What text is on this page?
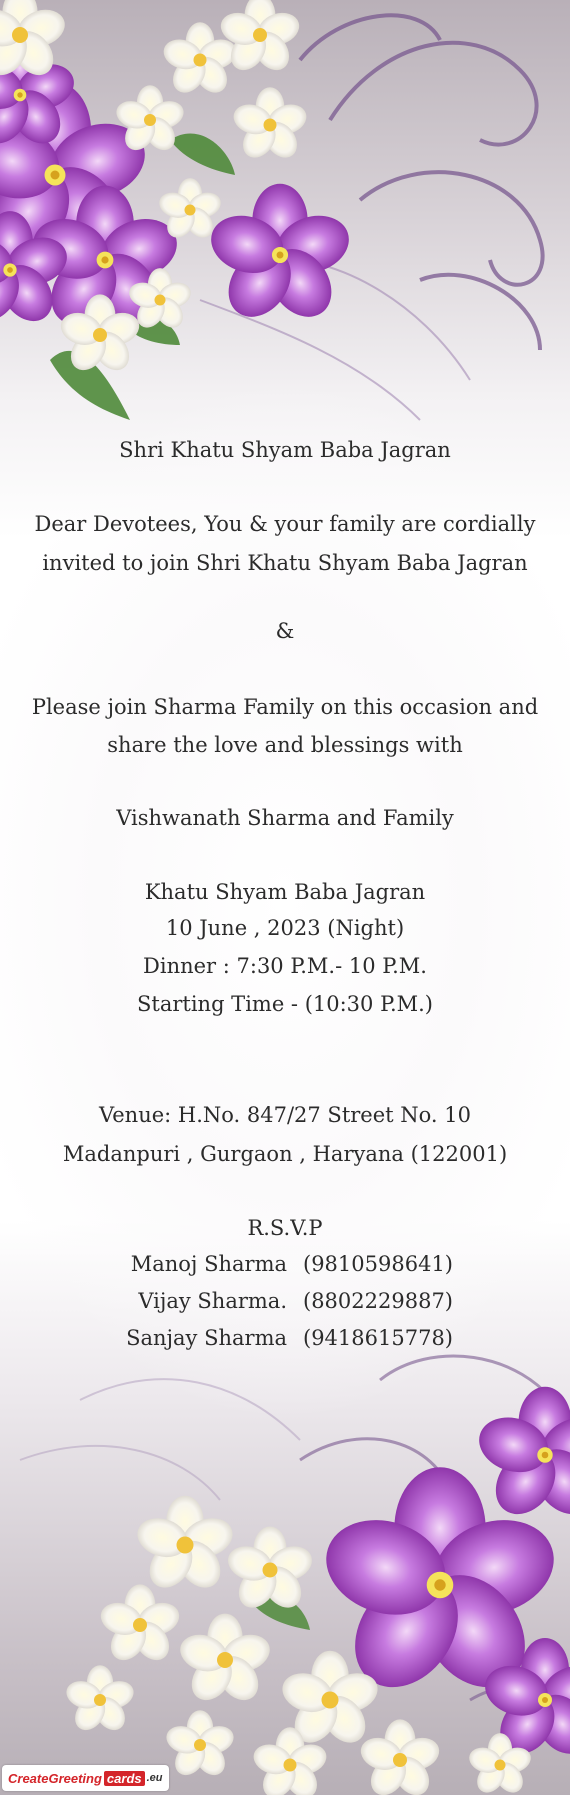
Shri Khatu Shyam Baba Jagran

Dear Devotees, You & your family are cordially

invited to join Shri Khatu Shyam Baba Jagran

&

Please join Sharma Family on this occasion and

share the love and blessings with

Vishwanath Sharma and Family

Khatu Shyam Baba Jagran

10 June , 2023 (Night)

Dinner : 7:30 P.M.- 10 P.M.

Starting Time - (10:30 P.M.)

Venue: H.No. 847/27 Street No. 10

Madanpuri , Gurgaon , Haryana (122001)

R.S.V.P

Manoj Sharma (9810598641)
Vijay Sharma. (8802229887)
Sanjay Sharma (9418615778)
CreateGreeting cards .eu
